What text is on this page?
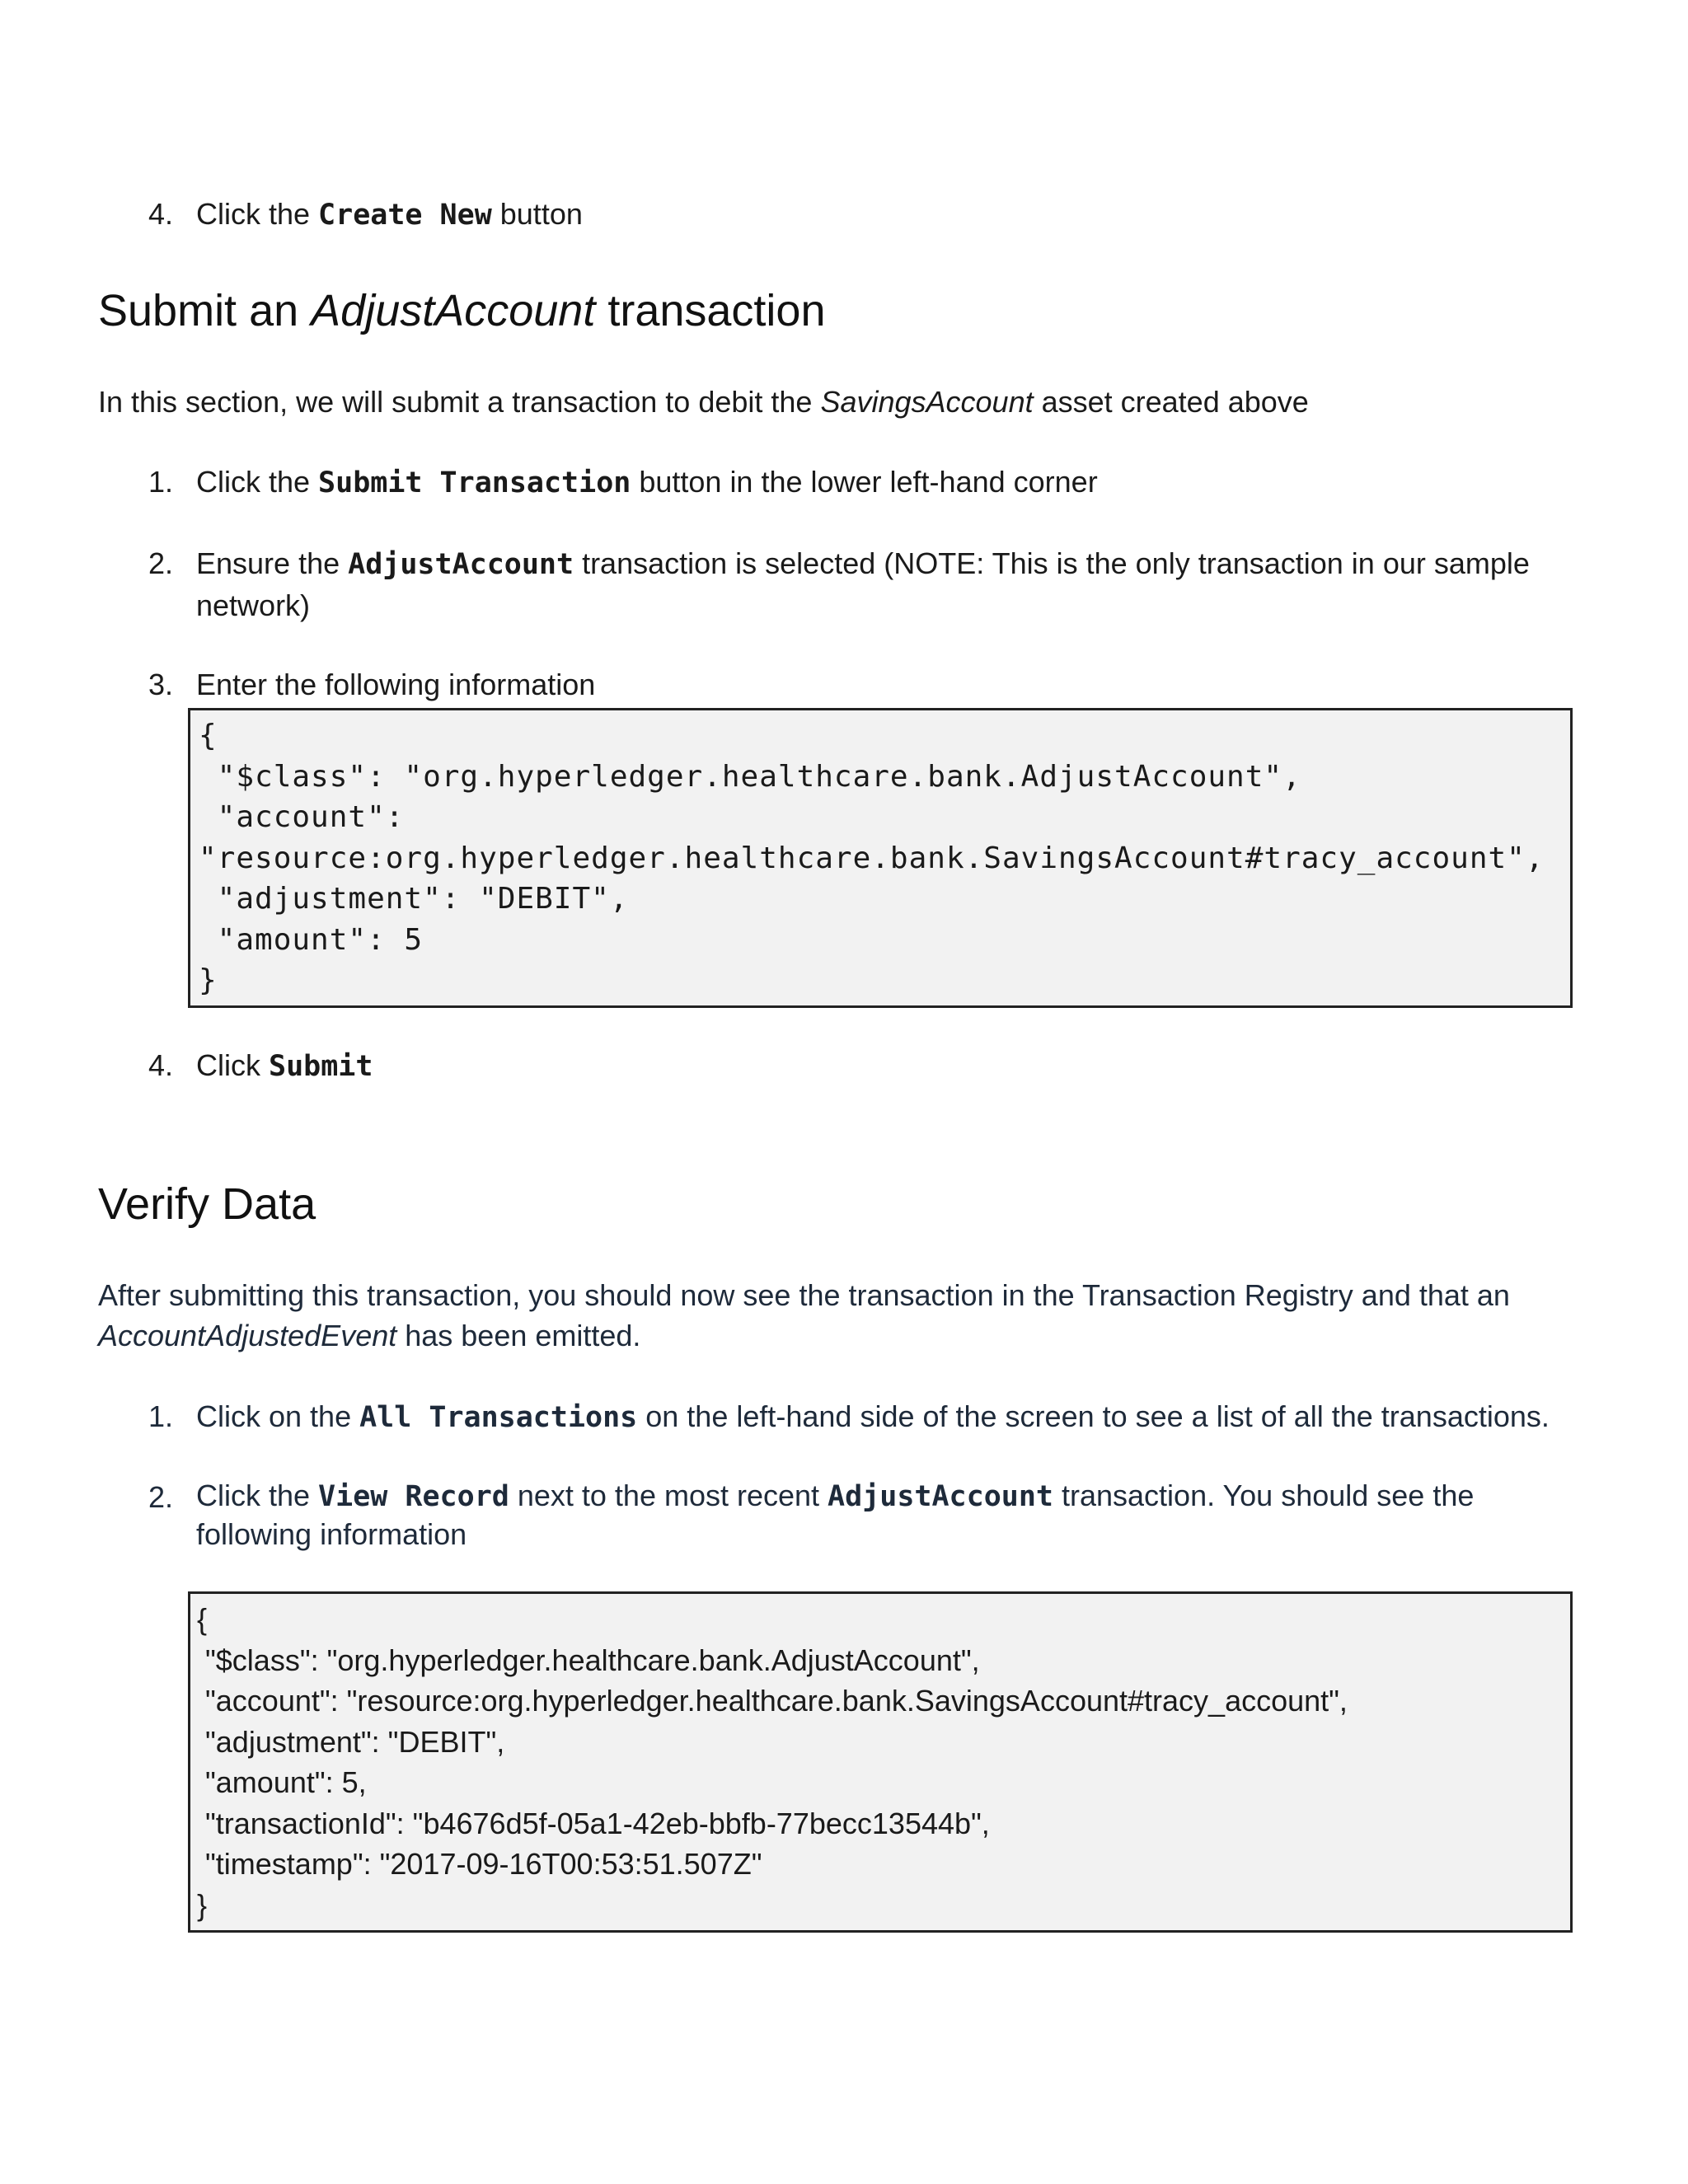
4. Click the Create New button
Submit an AdjustAccount transaction
In this section, we will submit a transaction to debit the SavingsAccount asset created above
1. Click the Submit Transaction button in the lower left-hand corner
2. Ensure the AdjustAccount transaction is selected (NOTE: This is the only transaction in our sample network)
3. Enter the following information
{
"$class": "org.hyperledger.healthcare.bank.AdjustAccount",
"account":
"resource:org.hyperledger.healthcare.bank.SavingsAccount#tracy_account",
"adjustment": "DEBIT",
"amount": 5
}
4. Click Submit
Verify Data
After submitting this transaction, you should now see the transaction in the Transaction Registry and that an AccountAdjustedEvent has been emitted.
1. Click on the All Transactions on the left-hand side of the screen to see a list of all the transactions.
2. Click the View Record next to the most recent AdjustAccount transaction. You should see the following information
{
"$class": "org.hyperledger.healthcare.bank.AdjustAccount",
"account": "resource:org.hyperledger.healthcare.bank.SavingsAccount#tracy_account",
"adjustment": "DEBIT",
"amount": 5,
"transactionId": "b4676d5f-05a1-42eb-bbfb-77becc13544b",
"timestamp": "2017-09-16T00:53:51.507Z"
}
